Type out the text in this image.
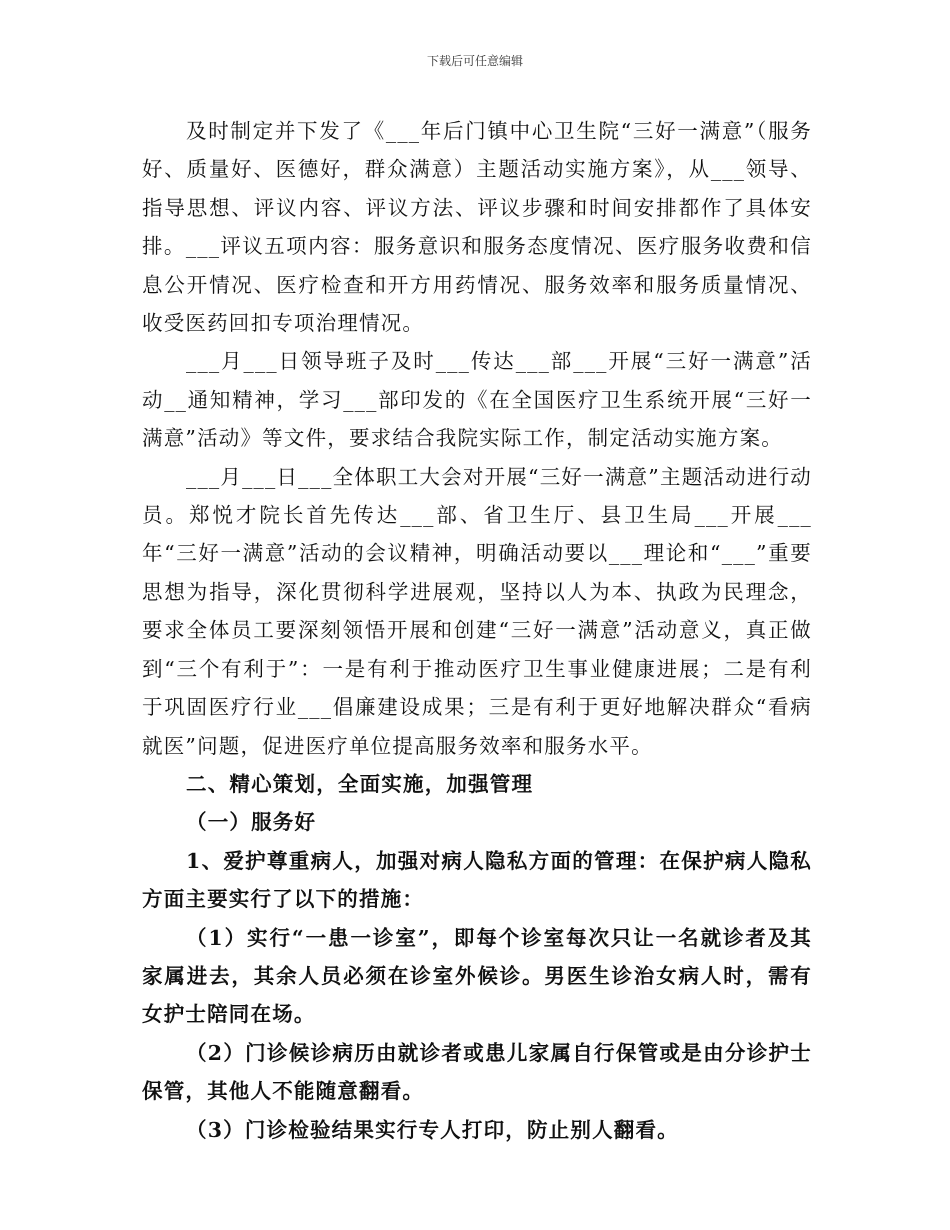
下载后可任意编辑

及时制定并下发了《___年后门镇中心卫生院“三好一满意”（服务好、质量好、医德好，群众满意）主题活动实施方案》，从___领导、指导思想、评议内容、评议方法、评议步骤和时间安排都作了具体安排。___评议五项内容：服务意识和服务态度情况、医疗服务收费和信息公开情况、医疗检查和开方用药情况、服务效率和服务质量情况、收受医药回扣专项治理情况。

___月___日领导班子及时___传达___部___开展“三好一满意”活动__通知精神，学习___部印发的《在全国医疗卫生系统开展“三好一满意”活动》等文件，要求结合我院实际工作，制定活动实施方案。

___月___日___全体职工大会对开展“三好一满意”主题活动进行动员。郑悦才院长首先传达___部、省卫生厅、县卫生局___开展___年“三好一满意”活动的会议精神，明确活动要以___理论和“___”重要思想为指导，深化贯彻科学进展观，坚持以人为本、执政为民理念，要求全体员工要深刻领悟开展和创建“三好一满意”活动意义，真正做到“三个有利于”：一是有利于推动医疗卫生事业健康进展；二是有利于巩固医疗行业___倡廉建设成果；三是有利于更好地解决群众“看病就医”问题，促进医疗单位提高服务效率和服务水平。

二、精心策划，全面实施，加强管理

（一）服务好

1、爱护尊重病人，加强对病人隐私方面的管理：在保护病人隐私方面主要实行了以下的措施：

（1）实行“一患一诊室”，即每个诊室每次只让一名就诊者及其家属进去，其余人员必须在诊室外候诊。男医生诊治女病人时，需有女护士陪同在场。

（2）门诊候诊病历由就诊者或患儿家属自行保管或是由分诊护士保管，其他人不能随意翻看。

（3）门诊检验结果实行专人打印，防止别人翻看。
